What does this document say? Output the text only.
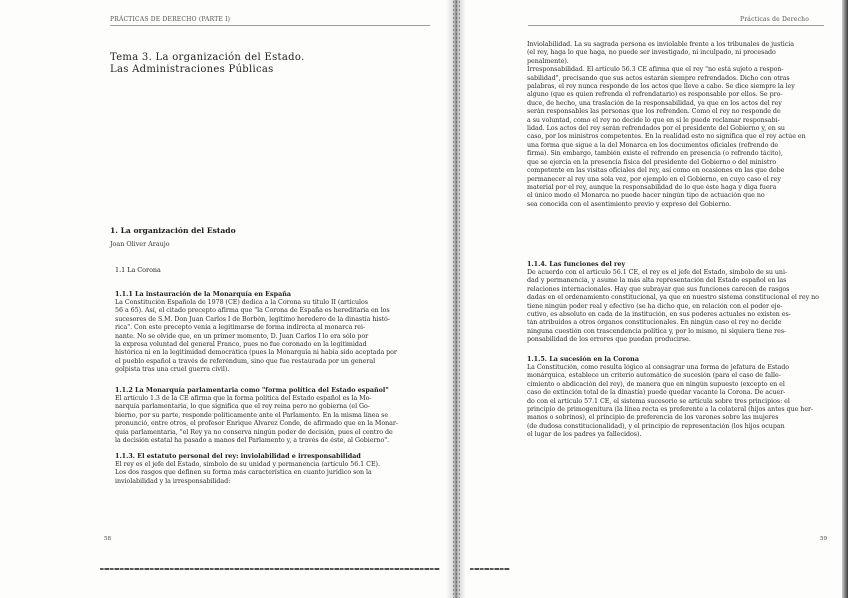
PRÁCTICAS DE DERECHO (PARTE I)	Prácticas de Derecho
Tema 3. La organización del Estado.
Las Administraciones Públicas
1. La organización del Estado
Joan Oliver Araujo
1.1 La Corona
1.1.1 La instauración de la Monarquía en España
La Constitución Española de 1978 (CE) dedica a la Corona su título II (artículos
56 a 65). Así, el citado precepto afirma que "la Corona de España es hereditaria en los
sucesores de S.M. Don Juan Carlos I de Borbón, legítimo heredero de la dinastía histó-
rica". Con este precepto venía a legitimarse de forma indirecta al monarca rei-
nante. No se olvide que, en un primer momento, D. Juan Carlos I lo era sólo por
la expresa voluntad del general Franco, pues no fue coronado en la legitimidad
histórica ni en la legitimidad democrática (pues la Monarquía ni había sido aceptada por
el pueblo español a través de referéndum, sino que fue restaurada por un general
golpista tras una cruel guerra civil).
1.1.2 La Monarquía parlamentaria como "forma política del Estado español"
El artículo 1.3 de la CE afirma que la forma política del Estado español es la Mo-
narquía parlamentaria, lo que significa que el rey reina pero no gobierna (el Go-
bierno, por su parte, responde políticamente ante el Parlamento. En la misma línea se
pronunció, entre otros, el profesor Enrique Álvarez Conde, de afirmado que en la Monar-
quía parlamentaria, "el Rey ya no conserva ningún poder de decisión, pues el centro de
la decisión estatal ha pasado a manos del Parlamento y, a través de éste, al Gobierno".
1.1.3. El estatuto personal del rey: inviolabilidad e irresponsabilidad
El rey es el jefe del Estado, símbolo de su unidad y permanencia (artículo 56.1 CE).
Los dos rasgos que definen su forma más característica en cuanto jurídico son la
inviolabilidad y la irresponsabilidad:
58
Inviolabilidad. La su sagrada persona es inviolable frente a los tribunales de justicia
(el rey, haga lo que haga, no puede ser investigado, ni inculpado, ni procesado
penalmente).
Irresponsabilidad. El artículo 56.3 CE afirma que el rey "no está sujeto a respon-
sabilidad", precisando que sus actos estarán siempre refrendados. Dicho con otras
palabras, el rey nunca responde de los actos que lleve a cabo. Se dice siempre la ley
alguno (que es quien refrenda el refrendatario) es responsable por ellos. Se pro-
duce, de hecho, una traslación de la responsabilidad, ya que en los actos del rey
serán responsables las personas que los refrenden. Como el rey no responde de
a su voluntad, como el rey no decide lo que en sí le puede reclamar responsabi-
lidad. Los actos del rey serán refrendados por el presidente del Gobierno y, en su
caso, por los ministros competentes. En la realidad esto no significa que el rey actúe en
una forma que sigue a la del Monarca en los documentos oficiales (refrendo de
firma). Sin embargo, también existe el refrendo en presencia (o refrendo tácito),
que se ejercía en la presencia física del presidente del Gobierno o del ministro
competente en las visitas oficiales del rey, así como en ocasiones en las que debe
permanecer al rey una sola vez, por ejemplo en el Gobierno, en cuyo caso el rey
material por el rey, aunque la responsabilidad de lo que éste haga y diga fuera
el único modo el Monarca no puede hacer ningún tipo de actuación que no
sea conocida con el asentimiento previo y expreso del Gobierno.
1.1.4. Las funciones del rey
De acuerdo con el artículo 56.1 CE, el rey es el jefe del Estado, símbolo de su uni-
dad y permanencia, y asume la más alta representación del Estado español en las
relaciones internacionales. Hay que subrayar que sus funciones carecen de rasgos
dadas en el ordenamiento constitucional, ya que en nuestro sistema constitucional el rey no
tiene ningún poder real y efectivo (se ha dicho que, en relación con el poder eje-
cutivo, es absoluto en cada de la institución, en sus poderes actuales no existen es-
tán atribuidos a otros órganos constitucionales. En ningún caso el rey no decide
ninguna cuestión con trascendencia política y, por lo mismo, ni siquiera tiene res-
ponsabilidad de los errores que puedan producirse.
1.1.5. La sucesión en la Corona
La Constitución, como resulta lógico al consagrar una forma de jefatura de Estado
monárquica, establece un criterio automático de sucesión (para el caso de falle-
cimiento o abdicación del rey), de manera que en ningún supuesto (excepto en el
caso de extinción total de la dinastía) puede quedar vacante la Corona. De acuer-
do con el artículo 57.1 CE, el sistema sucesorio se articula sobre tres principios: el
principio de primogenitura (la línea recta es preferente a la colateral (hijos antes que her-
manos o sobrinos), el principio de preferencia de los varones sobre las mujeres
(de dudosa constitucionalidad), y el principio de representación (los hijos ocupan
el lugar de los padres ya fallecidos).
59
